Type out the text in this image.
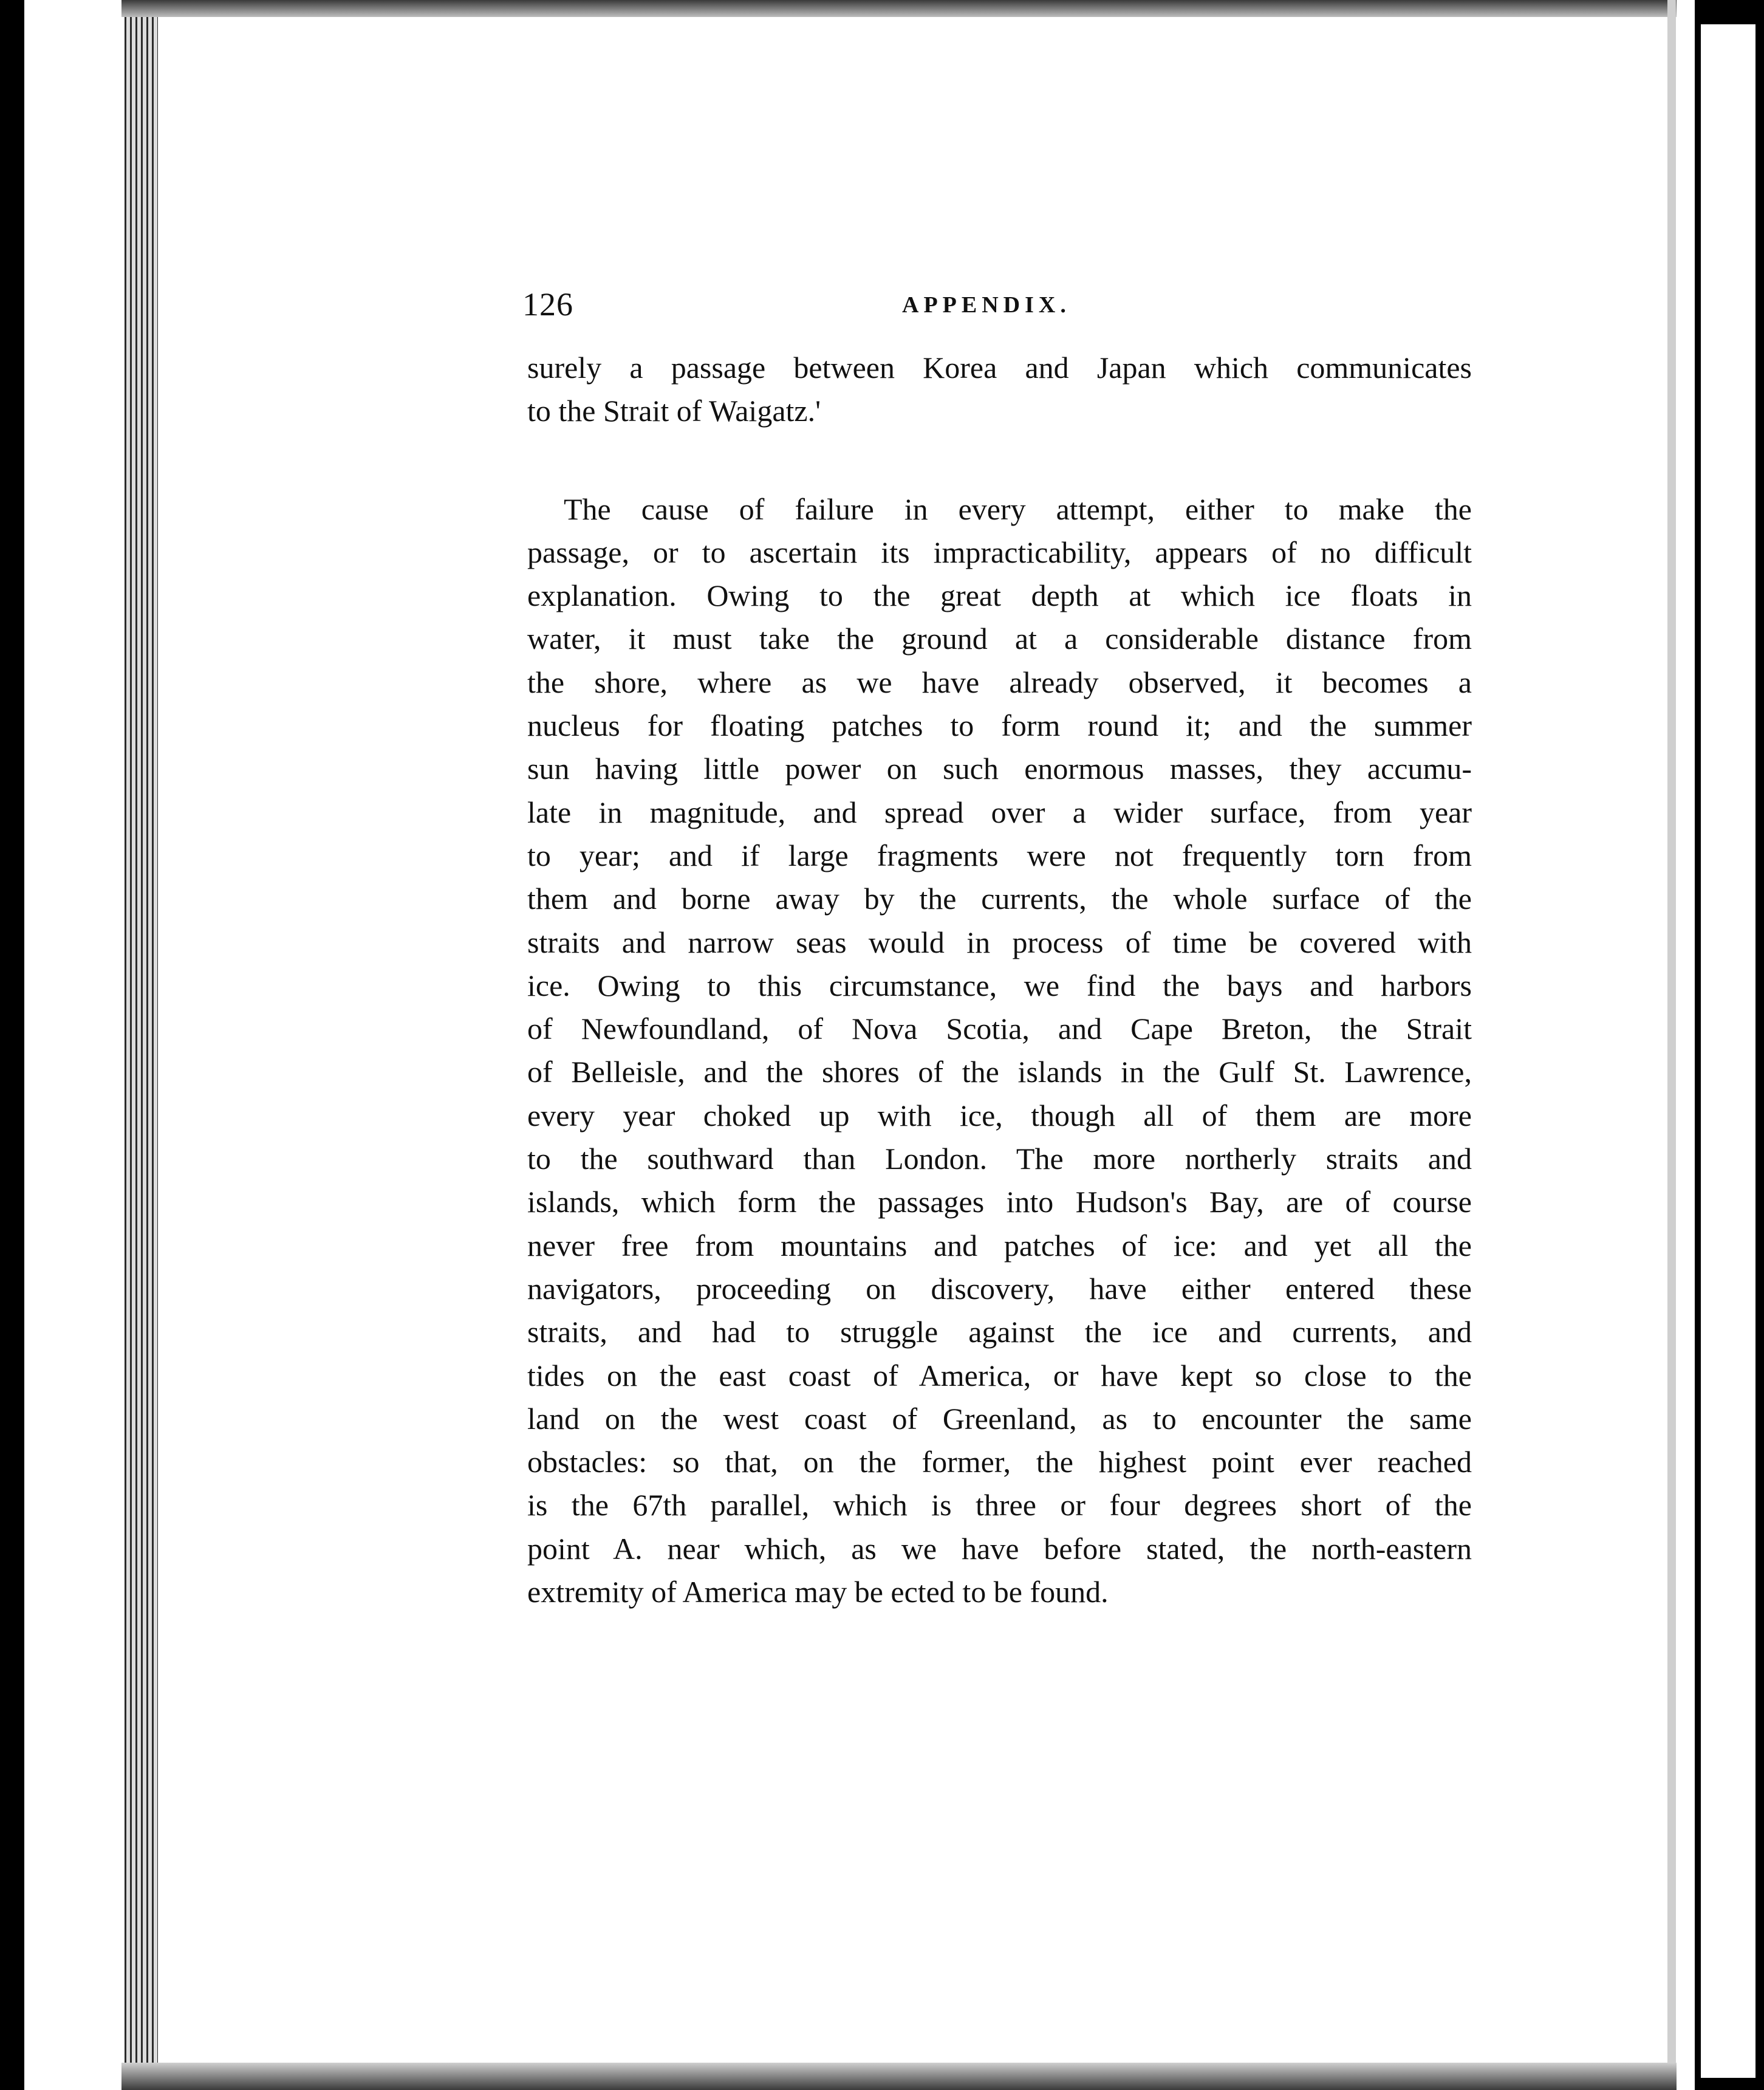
126	APPENDIX.
surely a passage between Korea and Japan which communicates
to the Strait of Waigatz.'
The cause of failure in every attempt, either to make the
passage, or to ascertain its impracticability, appears of no difficult
explanation. Owing to the great depth at which ice floats in
water, it must take the ground at a considerable distance from
the shore, where as we have already observed, it becomes a
nucleus for floating patches to form round it; and the summer
sun having little power on such enormous masses, they accumu-
late in magnitude, and spread over a wider surface, from year
to year; and if large fragments were not frequently torn from
them and borne away by the currents, the whole surface of the
straits and narrow seas would in process of time be covered with
ice. Owing to this circumstance, we find the bays and harbors
of Newfoundland, of Nova Scotia, and Cape Breton, the Strait
of Belleisle, and the shores of the islands in the Gulf St. Lawrence,
every year choked up with ice, though all of them are more
to the southward than London. The more northerly straits and
islands, which form the passages into Hudson's Bay, are of course
never free from mountains and patches of ice: and yet all the
navigators, proceeding on discovery, have either entered these
straits, and had to struggle against the ice and currents, and
tides on the east coast of America, or have kept so close to the
land on the west coast of Greenland, as to encounter the same
obstacles: so that, on the former, the highest point ever reached
is the 67th parallel, which is three or four degrees short of the
point A. near which, as we have before stated, the north-eastern
extremity of America may be ected to be found.
